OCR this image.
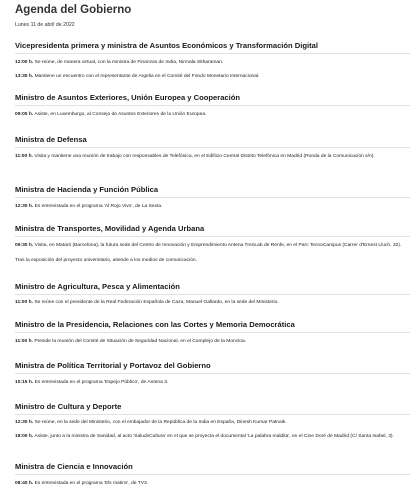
Agenda del Gobierno
Lunes 11 de abril de 2022
Vicepresidenta primera y ministra de Asuntos Económicos y Transformación Digital
12:00 h. Se reúne, de manera virtual, con la ministra de Finanzas de India, Nirmala Sitharaman.
13:30 h. Mantiene un encuentro con el representante de Argelia en el Comité del Fondo Monetario Internacional.
Ministro de Asuntos Exteriores, Unión Europea y Cooperación
09:00 h. Asiste, en Luxemburgo, al Consejo de Asuntos Exteriores de la Unión Europea.
Ministra de Defensa
11:00 h. Visita y mantiene una reunión de trabajo con responsables de Telefónica, en el Edificio Central Distrito Telefónica en Madrid (Ronda de la Comunicación s/n).
Ministra de Hacienda y Función Pública
12:30 h. Es entrevistada en el programa 'Al Rojo Vivo', de La Sexta.
Ministra de Transportes, Movilidad y Agenda Urbana
09:30 h. Visita, en Mataró (Barcelona), la futura sede del Centro de Innovación y Emprendimiento Antena TrenLab de Renfe, en el Parc TecnoCampus (Carrer d'Ernest Lluch, 32).
Tras la exposición del proyecto universitario, atiende a los medios de comunicación.
Ministro de Agricultura, Pesca y Alimentación
11:00 h. Se reúne con el presidente de la Real Federación Española de Caza, Manuel Gallardo, en la sede del Ministerio.
Ministro de la Presidencia, Relaciones con las Cortes y Memoria Democrática
11:00 h. Preside la reunión del Comité de Situación de Seguridad Nacional, en el Complejo de la Moncloa.
Ministra de Política Territorial y Portavoz del Gobierno
10:15 h. Es entrevistada en el programa 'Espejo Público', de Antena 3.
Ministro de Cultura y Deporte
12:30 h. Se reúne, en la sede del Ministerio, con el embajador de la República de la India en España, Dinesh Kumar Patnaik.
18:00 h. Asiste, junto a la ministra de Sanidad, al acto 'SaludxCultura' en el que se proyecta el documental 'La palabra maldita', en el Cine Doré de Madrid (C/ Santa Isabel, 3).
Ministra de Ciencia e Innovación
08:40 h. Es entrevistada en el programa 'Els matins', de TV3.
